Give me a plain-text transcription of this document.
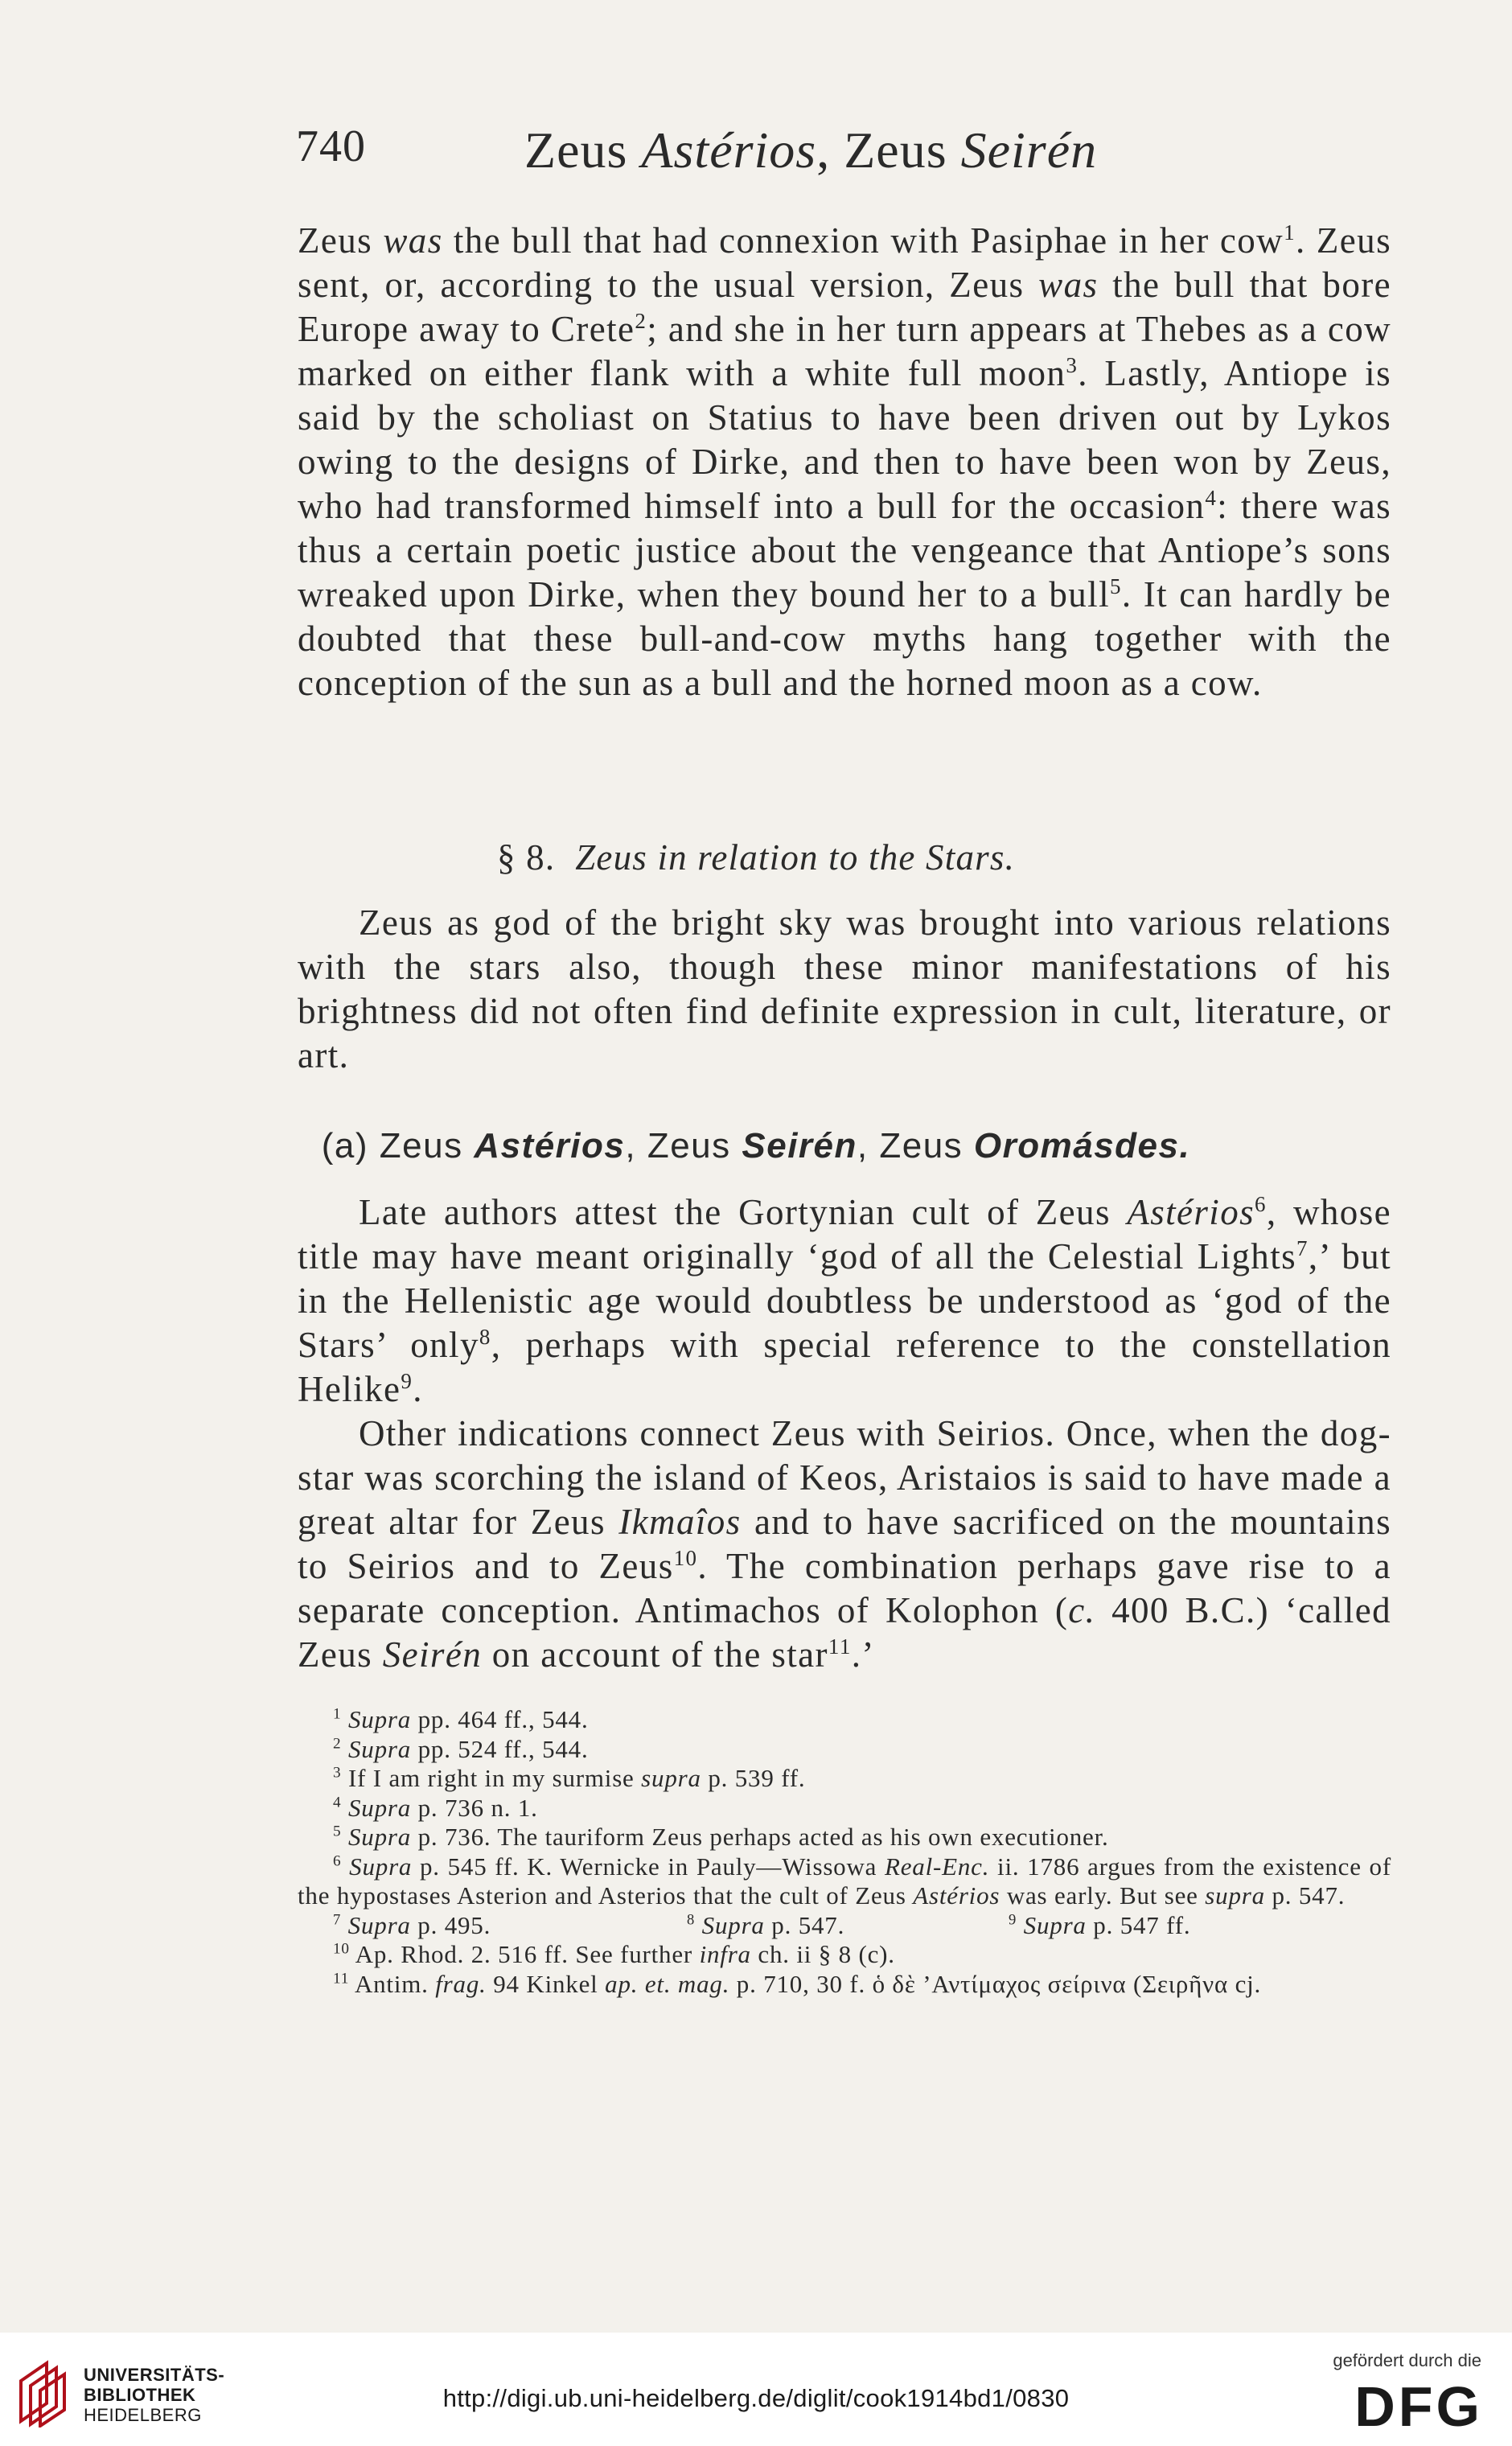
740	Zeus Astérios, Zeus Seirén

Zeus was the bull that had connexion with Pasiphae in her cow$^1$. Zeus sent, or, according to the usual version, Zeus was the bull that bore Europe away to Crete$^2$; and she in her turn appears at Thebes as a cow marked on either flank with a white full moon$^3$. Lastly, Antiope is said by the scholiast on Statius to have been driven out by Lykos owing to the designs of Dirke, and then to have been won by Zeus, who had transformed himself into a bull for the occasion$^4$: there was thus a certain poetic justice about the vengeance that Antiope’s sons wreaked upon Dirke, when they bound her to a bull$^5$. It can hardly be doubted that these bull-and-cow myths hang together with the conception of the sun as a bull and the horned moon as a cow.

§ 8. Zeus in relation to the Stars.

Zeus as god of the bright sky was brought into various relations with the stars also, though these minor manifestations of his brightness did not often find definite expression in cult, literature, or art.

(a) Zeus Astérios, Zeus Seirén, Zeus Oromásdes.

Late authors attest the Gortynian cult of Zeus Astérios$^6$, whose title may have meant originally ‘god of all the Celestial Lights$^7$,’ but in the Hellenistic age would doubtless be understood as ‘god of the Stars’ only$^8$, perhaps with special reference to the constellation Helike$^9$.

Other indications connect Zeus with Seirios. Once, when the dog-star was scorching the island of Keos, Aristaios is said to have made a great altar for Zeus Ikmaîos and to have sacrificed on the mountains to Seirios and to Zeus$^{10}$. The combination perhaps gave rise to a separate conception. Antimachos of Kolophon (c. 400 B.C.) ‘called Zeus Seirén on account of the star$^{11}$.’

$^1$ Supra pp. 464 ff., 544.

$^2$ Supra pp. 524 ff., 544.

$^3$ If I am right in my surmise supra p. 539 ff.

$^4$ Supra p. 736 n. 1.

$^5$ Supra p. 736. The tauriform Zeus perhaps acted as his own executioner.

$^6$ Supra p. 545 ff. K. Wernicke in Pauly—Wissowa Real-Enc. ii. 1786 argues from the existence of the hypostases Asterion and Asterios that the cult of Zeus Astérios was early. But see supra p. 547.

$^7$ Supra p. 495.	$^8$ Supra p. 547.	$^9$ Supra p. 547 ff.

$^{10}$ Ap. Rhod. 2. 516 ff. See further infra ch. ii § 8 (c).

$^{11}$ Antim. frag. 94 Kinkel ap. et. mag. p. 710, 30 f. ὁ δὲ ’Αντίμαχος σείρινα (Σειρῆνα cj.

UNIVERSITÄTS-
BIBLIOTHEK
HEIDELBERG
http://digi.ub.uni-heidelberg.de/diglit/cook1914bd1/0830
gefördert durch die
DFG
